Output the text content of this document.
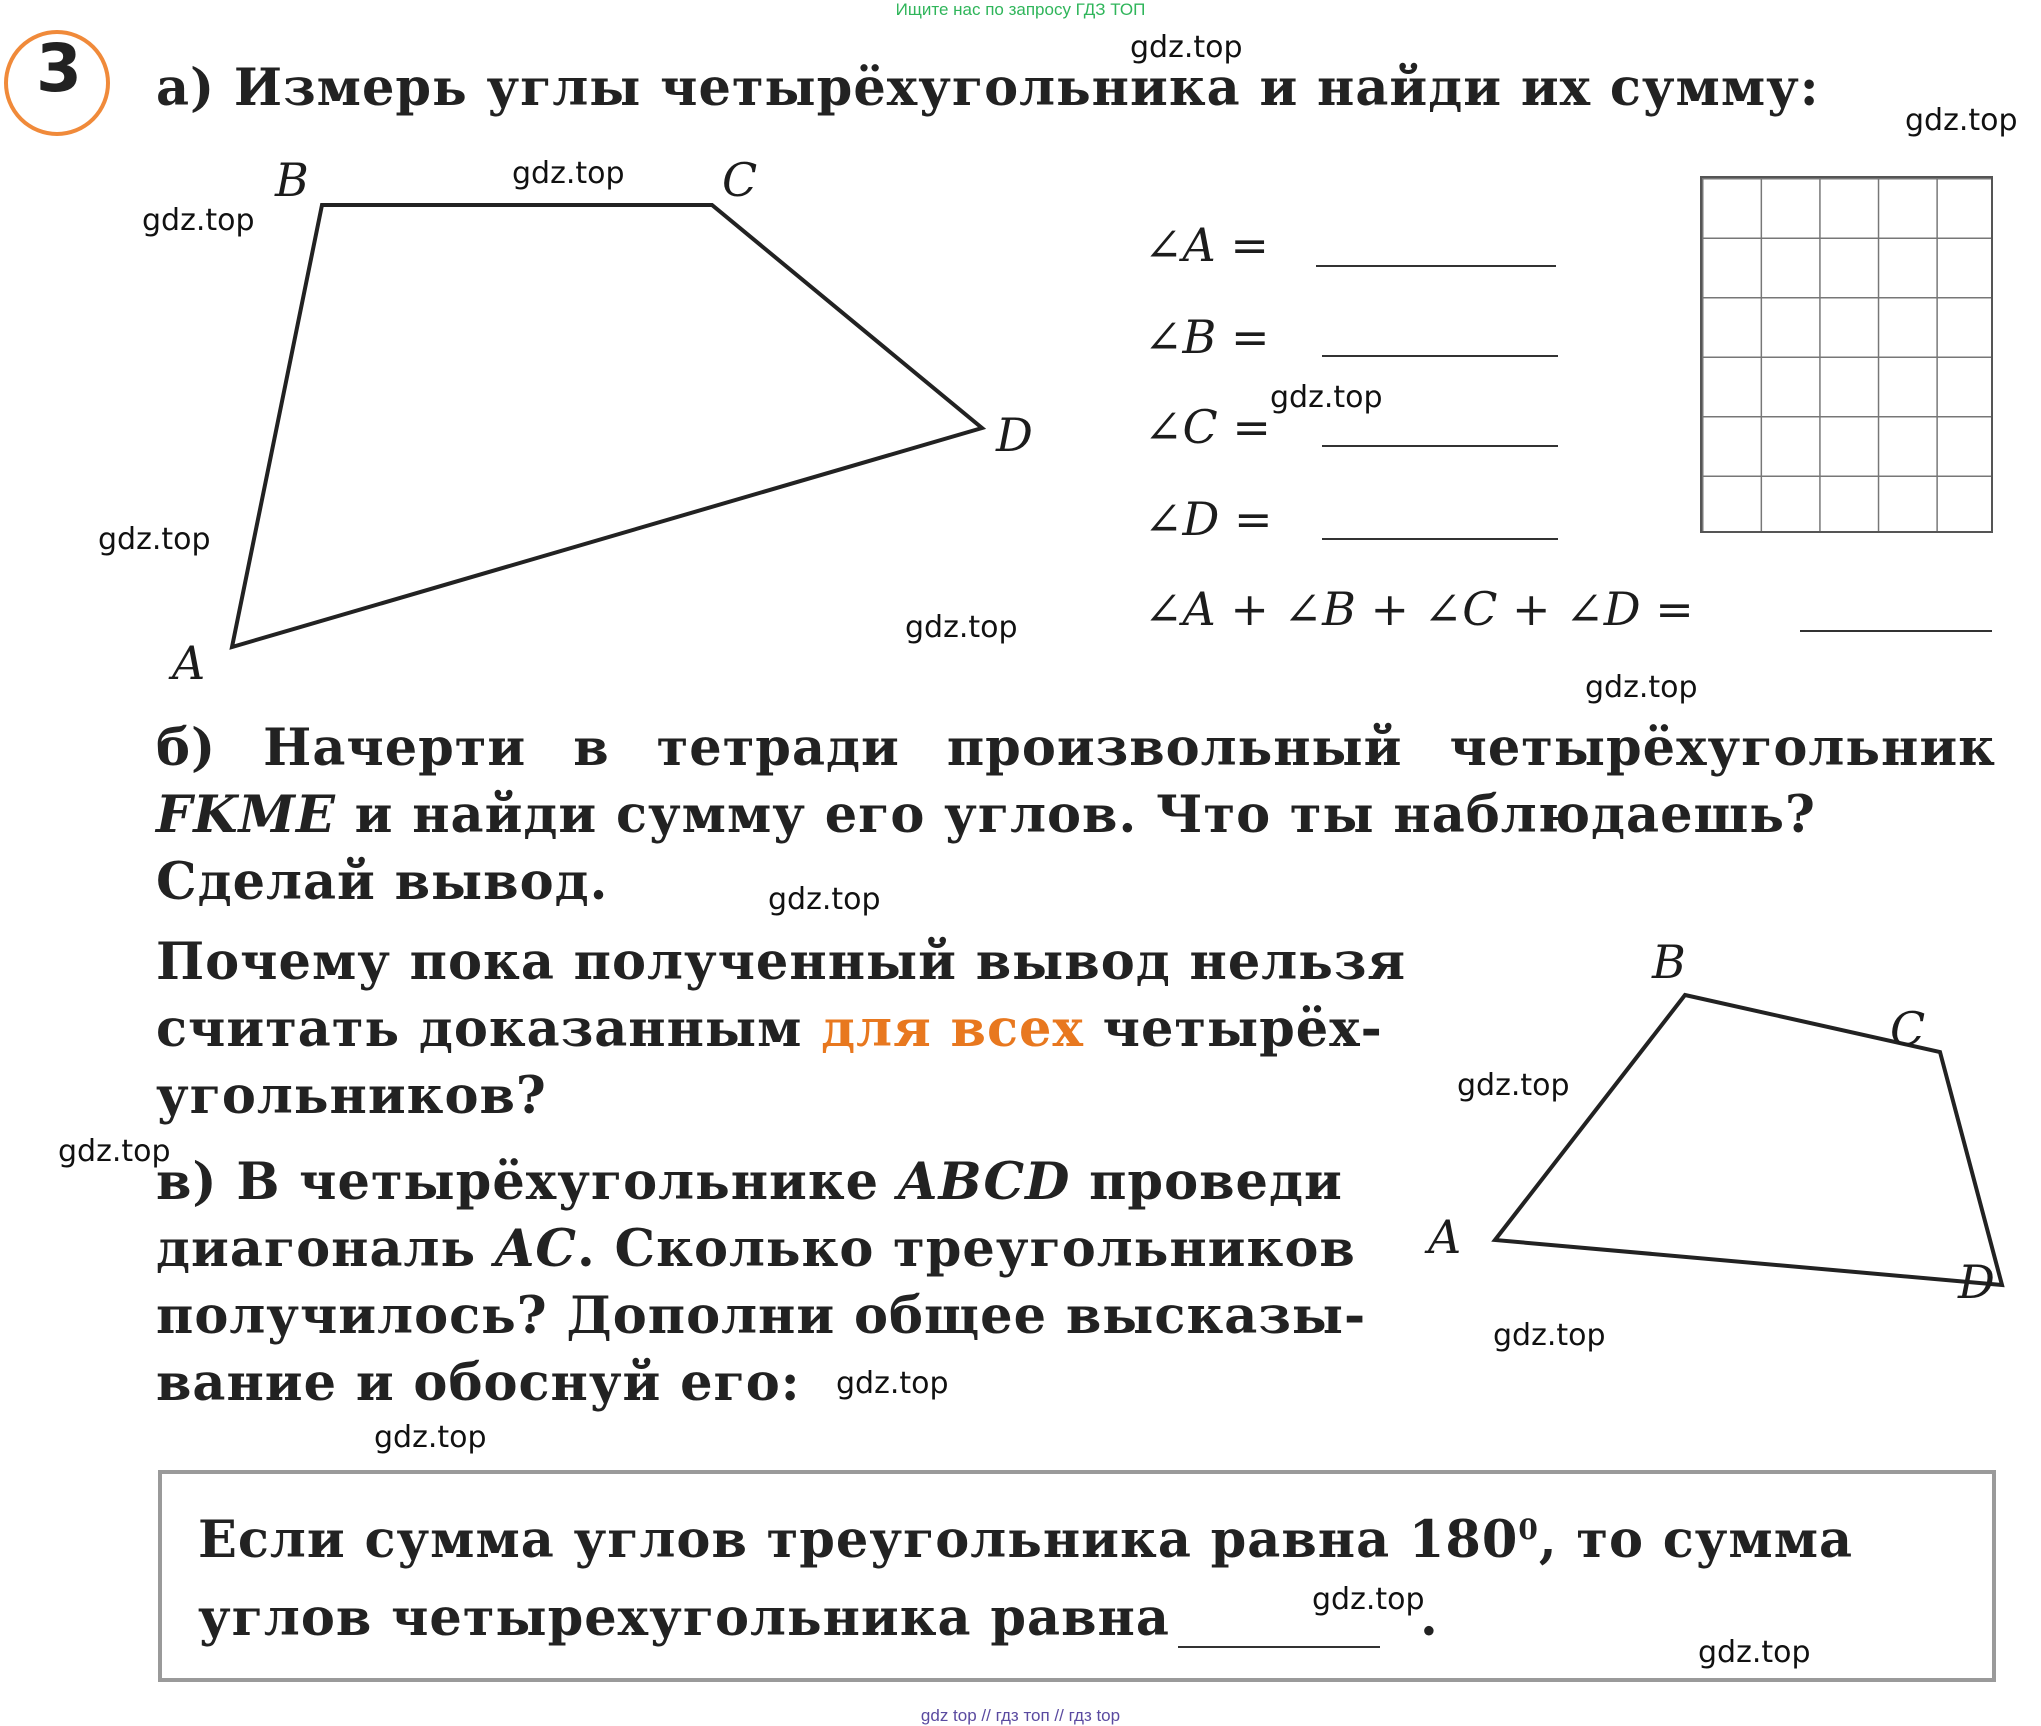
Ищите нас по запросу ГДЗ ТОП
gdz top // гдз топ // гдз top
3 а) Измерь углы четырёхугольника и найди их сумму:
B	C
D
A
∠A =
∠B =
∠C =
∠D =
∠A + ∠B + ∠C + ∠D =
б) Начерти в тетради произвольный четырёхугольник
FKME и найди сумму его углов. Что ты наблюдаешь?
Сделай вывод.
Почему пока полученный вывод нельзя
считать доказанным для всех четырёх-
угольников?
в) В четырёхугольнике ABCD проведи
диагональ AC. Сколько треугольников
получилось? Дополни общее высказы-
вание и обоснуй его:
B
C
A
D
Если сумма углов треугольника равна $180^0$, то сумма
углов четырехугольника равна	.
gdz.top
gdz.top
gdz.top
gdz.top
gdz.top
gdz.top
gdz.top
gdz.top
gdz.top
gdz.top
gdz.top
gdz.top
gdz.top
gdz.top
gdz.top
gdz.top
